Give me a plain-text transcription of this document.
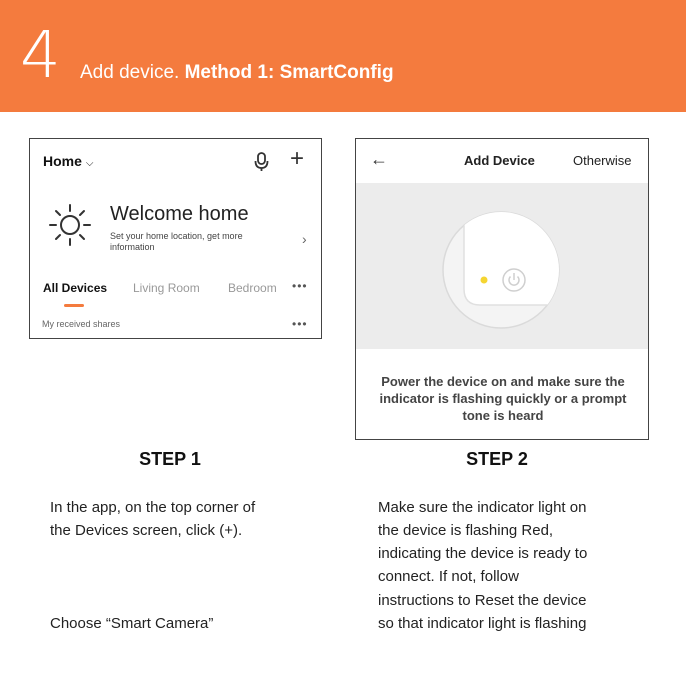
4 Add device. Method 1: SmartConfig
Home ⌵	+
Welcome home
Set your home location, get more information	›
All Devices Living Room Bedroom	•••
My received shares	•••
←	Add Device	Otherwise
Power the device on and make sure the indicator is flashing quickly or a prompt tone is heard
STEP 1	STEP 2
In the app, on the top corner of
the Devices screen, click (+).
Choose “Smart Camera”
Make sure the indicator light on
the device is flashing Red,
indicating the device is ready to
connect. If not, follow
instructions to Reset the device
so that indicator light is flashing
